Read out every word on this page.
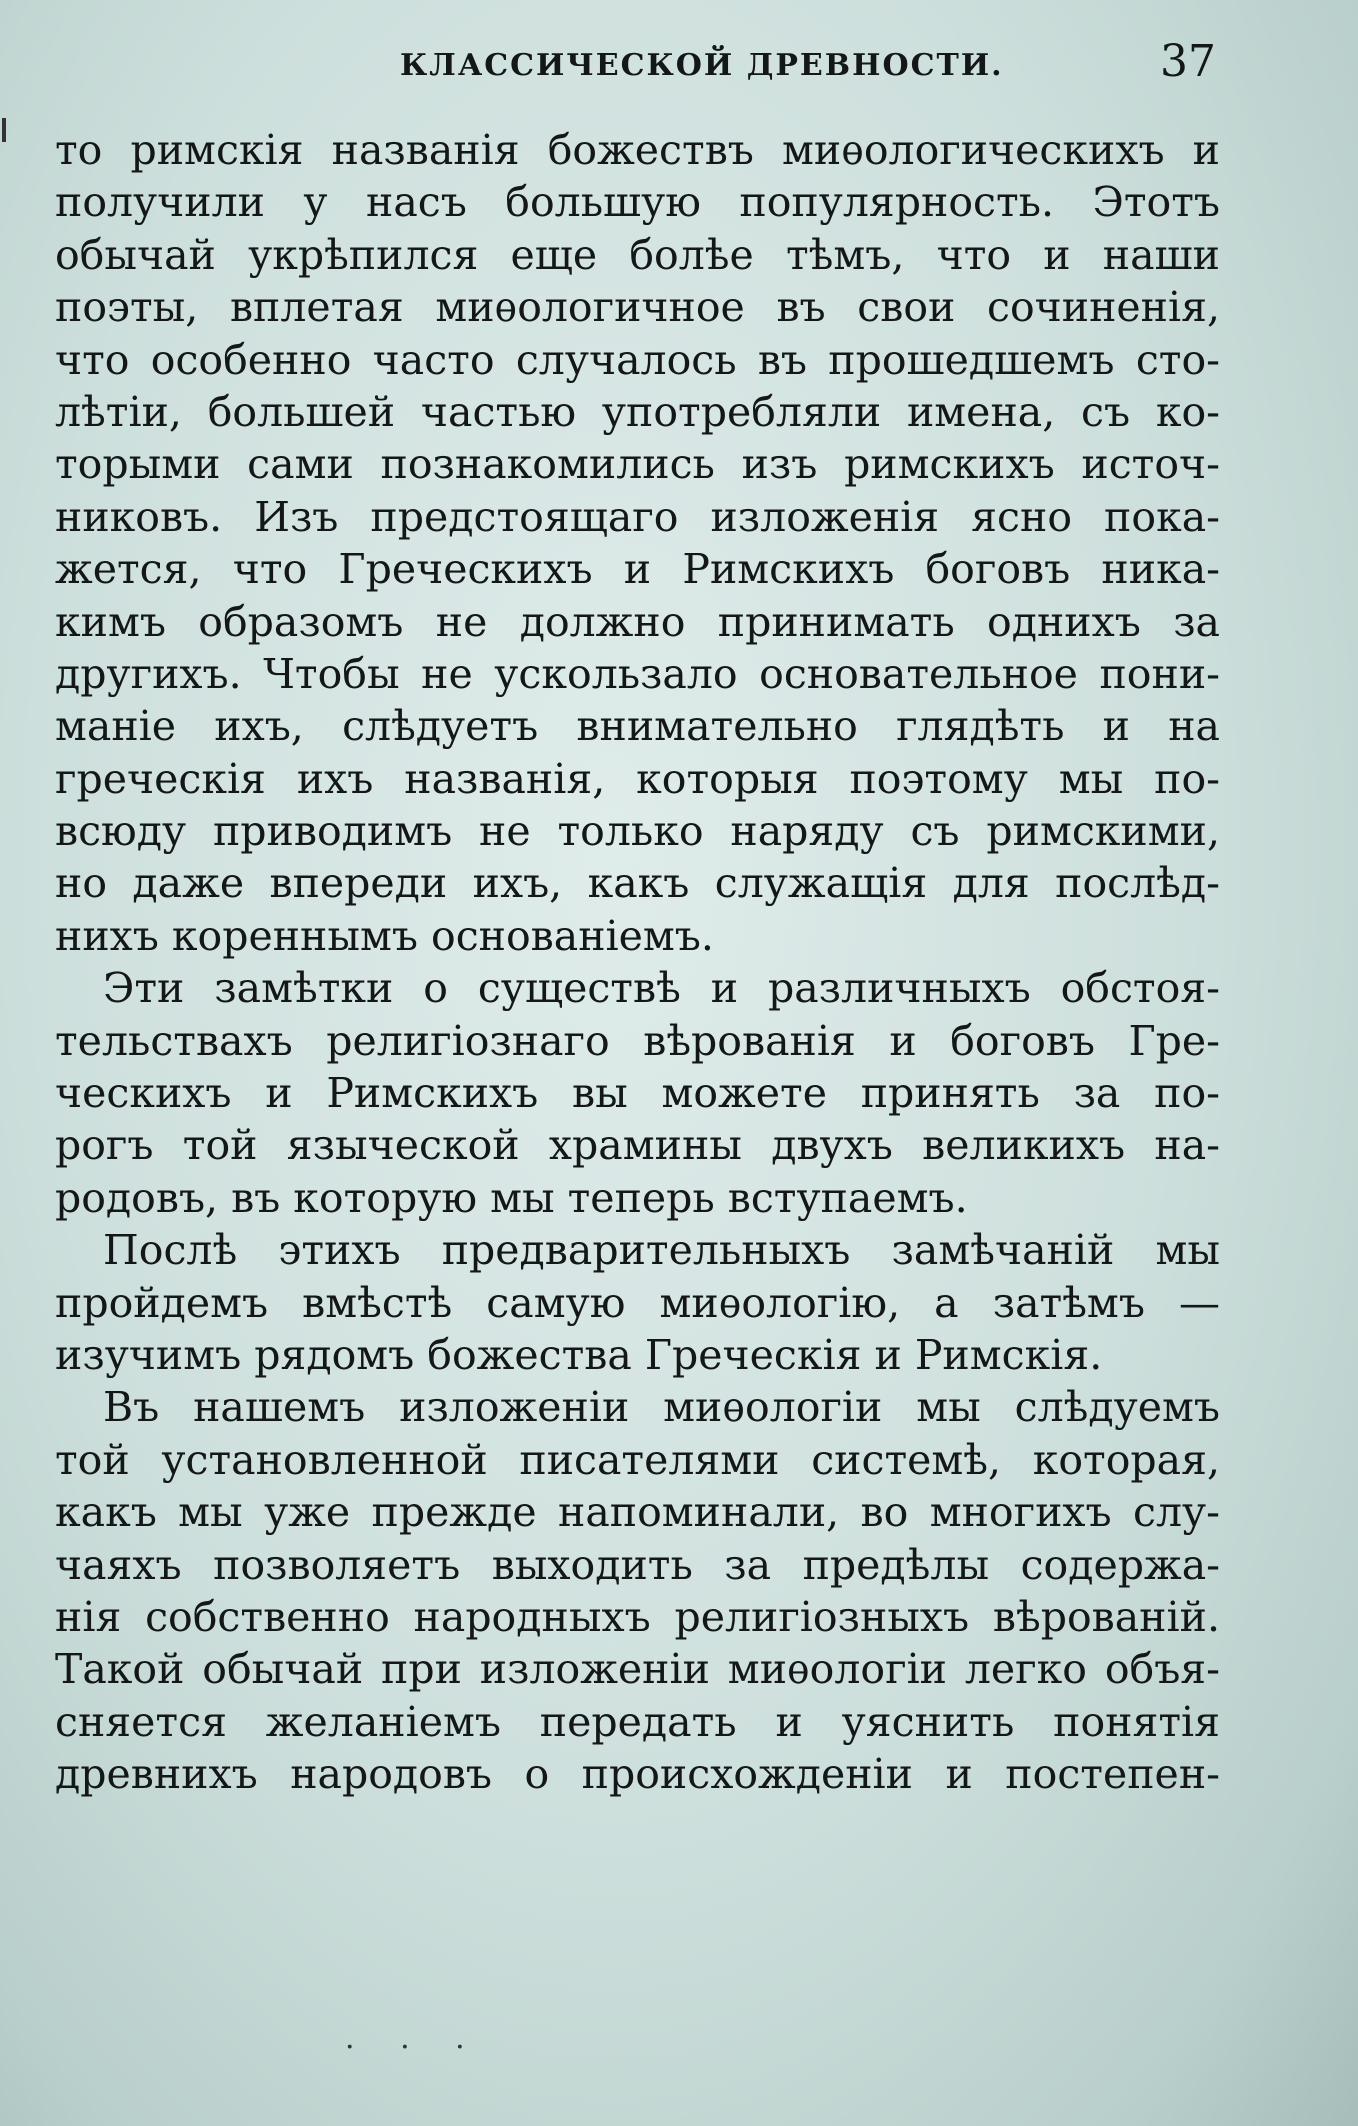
КЛАССИЧЕСКОЙ ДРЕВНОСТИ.	37
то римскія названія божествъ миѳологическихъ и
получили у насъ большую популярность. Этотъ
обычай укрѣпился еще болѣе тѣмъ, что и наши
поэты, вплетая миѳологичное въ свои сочиненія,
что особенно часто случалось въ прошедшемъ сто-
лѣтіи, большей частью употребляли имена, съ ко-
торыми сами познакомились изъ римскихъ источ-
никовъ. Изъ предстоящаго изложенія ясно пока-
жется, что Греческихъ и Римскихъ боговъ никa-
кимъ образомъ не должно принимать однихъ за
другихъ. Чтобы не ускользало основательное пони-
маніе ихъ, слѣдуетъ внимательно глядѣть и на
греческія ихъ названія, которыя поэтому мы по-
всюду приводимъ не только наряду съ римскими,
но даже впереди ихъ, какъ служащія для послѣд-
нихъ кореннымъ основаніемъ.
Эти замѣтки о существѣ и различныхъ обстоя-
тельствахъ религіознаго вѣрованія и боговъ Гре-
ческихъ и Римскихъ вы можете принять за по-
рогъ той языческой храмины двухъ великихъ на-
родовъ, въ которую мы теперь вступаемъ.
Послѣ этихъ предварительныхъ замѣчаній мы
пройдемъ вмѣстѣ самую миѳологію, а затѣмъ —
изучимъ рядомъ божества Греческія и Римскія.
Въ нашемъ изложеніи миѳологіи мы слѣдуемъ
той установленной писателями системѣ, которая,
какъ мы уже прежде напоминали, во многихъ слу-
чаяхъ позволяетъ выходить за предѣлы содержа-
нія собственно народныхъ религіозныхъ вѣрованій.
Такой обычай при изложеніи миѳологіи легко объя-
сняется желаніемъ передать и уяснить понятія
древнихъ народовъ о происхожденіи и постепен-
· · ·
